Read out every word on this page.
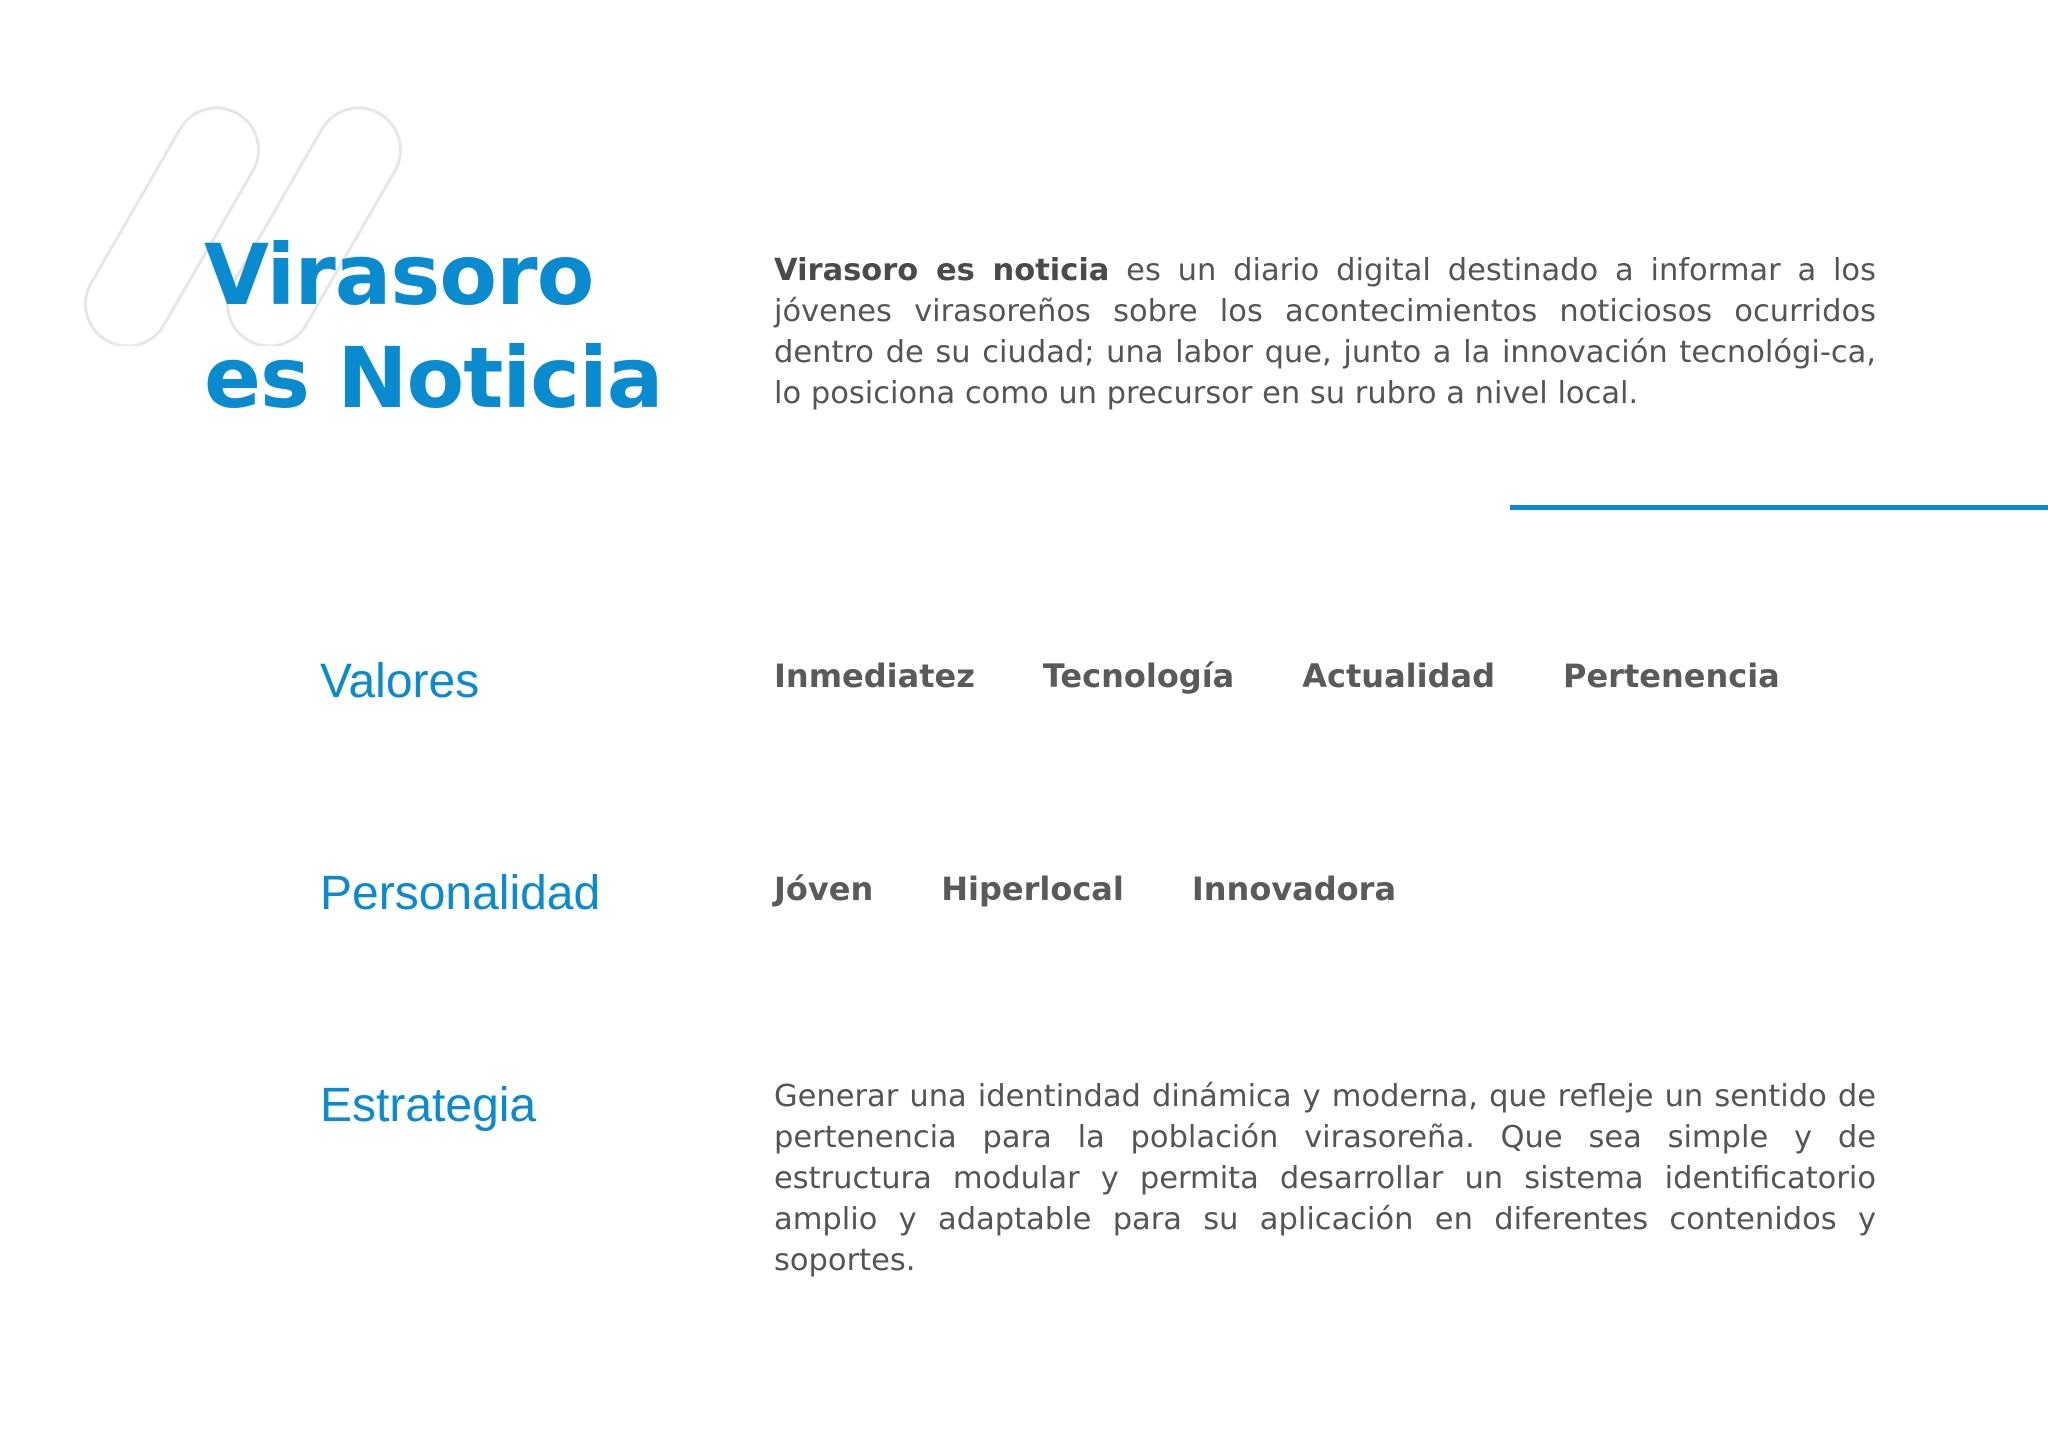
Virasoro
es Noticia

Virasoro es noticia es un diario digital destinado a informar a los jóvenes virasoreños sobre los acontecimientos noticiosos ocurridos dentro de su ciudad; una labor que, junto a la innovación tecnológi-ca, lo posiciona como un precursor en su rubro a nivel local.

Valores	Inmediatez Tecnología Actualidad Pertenencia
Personalidad	Jóven Hiperlocal Innovadora
Estrategia	Generar una identindad dinámica y moderna, que refleje un sentido de pertenencia para la población virasoreña. Que sea simple y de estructura modular y permita desarrollar un sistema identificatorio amplio y adaptable para su aplicación en diferentes contenidos y soportes.
